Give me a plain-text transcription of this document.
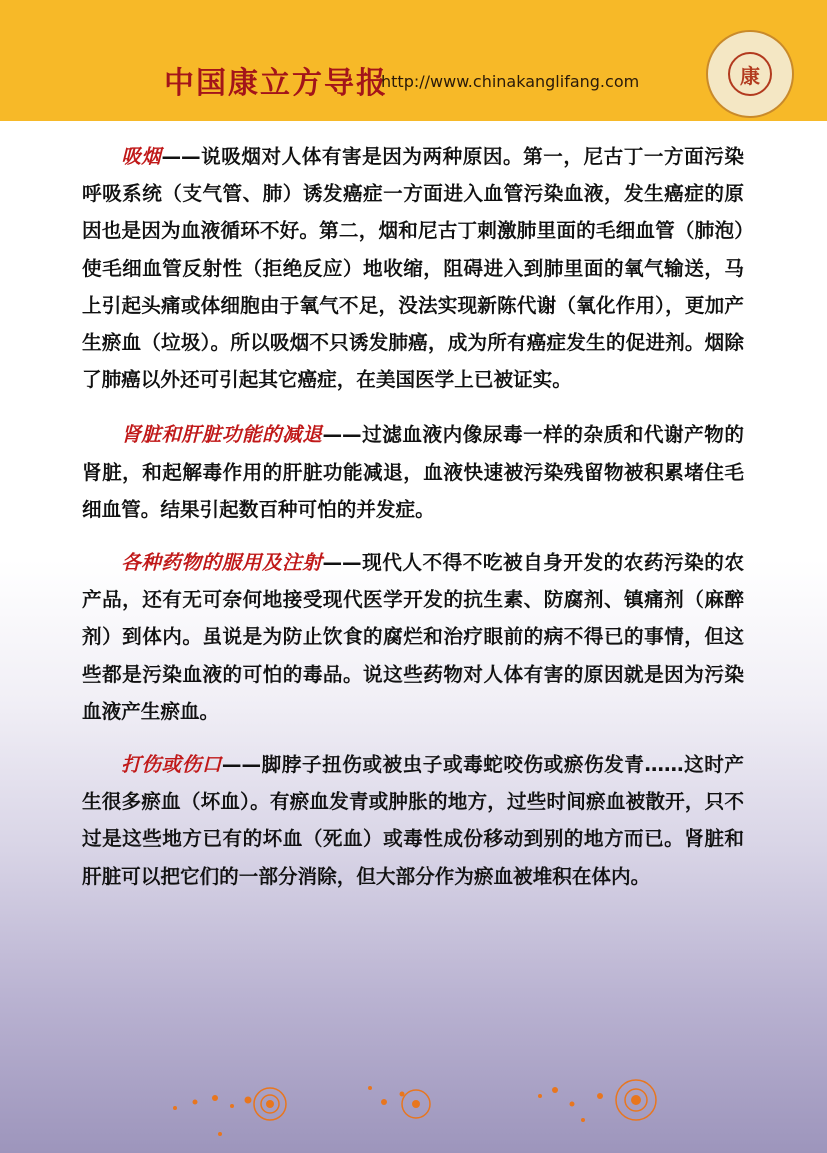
中国康立方导报
http://www.chinakanglifang.com	康

吸烟——说吸烟对人体有害是因为两种原因。第一，尼古丁一方面污染呼吸系统（支气管、肺）诱发癌症一方面进入血管污染血液，发生癌症的原因也是因为血液循环不好。第二，烟和尼古丁刺激肺里面的毛细血管（肺泡）使毛细血管反射性（拒绝反应）地收缩，阻碍进入到肺里面的氧气输送，马上引起头痛或体细胞由于氧气不足，没法实现新陈代谢（氧化作用），更加产生瘀血（垃圾）。所以吸烟不只诱发肺癌，成为所有癌症发生的促进剂。烟除了肺癌以外还可引起其它癌症，在美国医学上已被证实。

肾脏和肝脏功能的减退——过滤血液内像尿毒一样的杂质和代谢产物的肾脏，和起解毒作用的肝脏功能减退，血液快速被污染残留物被积累堵住毛细血管。结果引起数百种可怕的并发症。

各种药物的服用及注射——现代人不得不吃被自身开发的农药污染的农产品，还有无可奈何地接受现代医学开发的抗生素、防腐剂、镇痛剂（麻醉剂）到体内。虽说是为防止饮食的腐烂和治疗眼前的病不得已的事情，但这些都是污染血液的可怕的毒品。说这些药物对人体有害的原因就是因为污染血液产生瘀血。

打伤或伤口——脚脖子扭伤或被虫子或毒蛇咬伤或瘀伤发青……这时产生很多瘀血（坏血）。有瘀血发青或肿胀的地方，过些时间瘀血被散开，只不过是这些地方已有的坏血（死血）或毒性成份移动到别的地方而已。肾脏和肝脏可以把它们的一部分消除，但大部分作为瘀血被堆积在体内。
